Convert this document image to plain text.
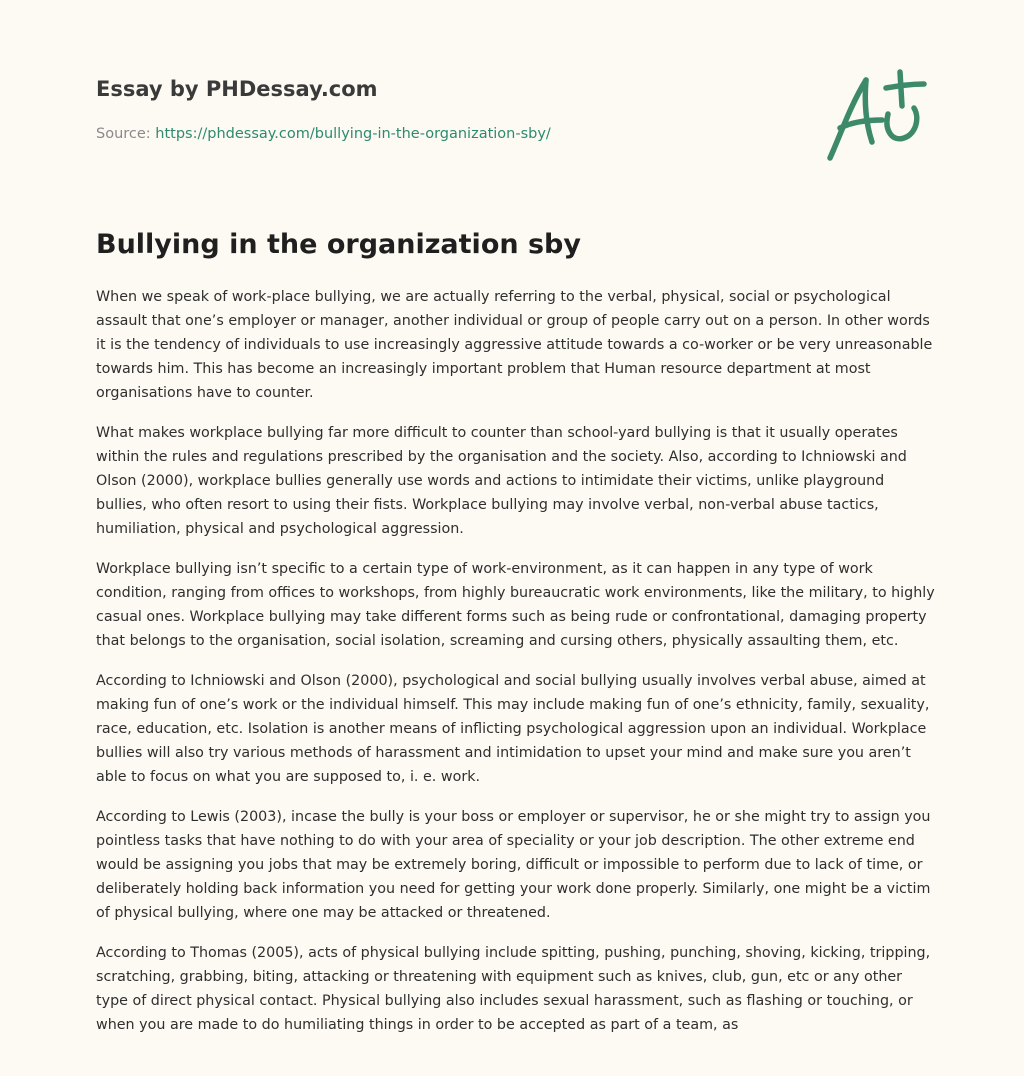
Essay by PHDessay.com
Source: https://phdessay.com/bullying-in-the-organization-sby/
Bullying in the organization sby

When we speak of work-place bullying, we are actually referring to the verbal, physical, social or psychological assault that one’s employer or manager, another individual or group of people carry out on a person. In other words it is the tendency of individuals to use increasingly aggressive attitude towards a co-worker or be very unreasonable towards him. This has become an increasingly important problem that Human resource department at most organisations have to counter.

What makes workplace bullying far more difficult to counter than school-yard bullying is that it usually operates within the rules and regulations prescribed by the organisation and the society. Also, according to Ichniowski and Olson (2000), workplace bullies generally use words and actions to intimidate their victims, unlike playground bullies, who often resort to using their fists. Workplace bullying may involve verbal, non-verbal abuse tactics, humiliation, physical and psychological aggression.

Workplace bullying isn’t specific to a certain type of work-environment, as it can happen in any type of work condition, ranging from offices to workshops, from highly bureaucratic work environments, like the military, to highly casual ones. Workplace bullying may take different forms such as being rude or confrontational, damaging property that belongs to the organisation, social isolation, screaming and cursing others, physically assaulting them, etc.

According to Ichniowski and Olson (2000), psychological and social bullying usually involves verbal abuse, aimed at making fun of one’s work or the individual himself. This may include making fun of one’s ethnicity, family, sexuality, race, education, etc. Isolation is another means of inflicting psychological aggression upon an individual. Workplace bullies will also try various methods of harassment and intimidation to upset your mind and make sure you aren’t able to focus on what you are supposed to, i. e. work.

According to Lewis (2003), incase the bully is your boss or employer or supervisor, he or she might try to assign you pointless tasks that have nothing to do with your area of speciality or your job description. The other extreme end would be assigning you jobs that may be extremely boring, difficult or impossible to perform due to lack of time, or deliberately holding back information you need for getting your work done properly. Similarly, one might be a victim of physical bullying, where one may be attacked or threatened.

According to Thomas (2005), acts of physical bullying include spitting, pushing, punching, shoving, kicking, tripping, scratching, grabbing, biting, attacking or threatening with equipment such as knives, club, gun, etc or any other type of direct physical contact. Physical bullying also includes sexual harassment, such as flashing or touching, or when you are made to do humiliating things in order to be accepted as part of a team, as
